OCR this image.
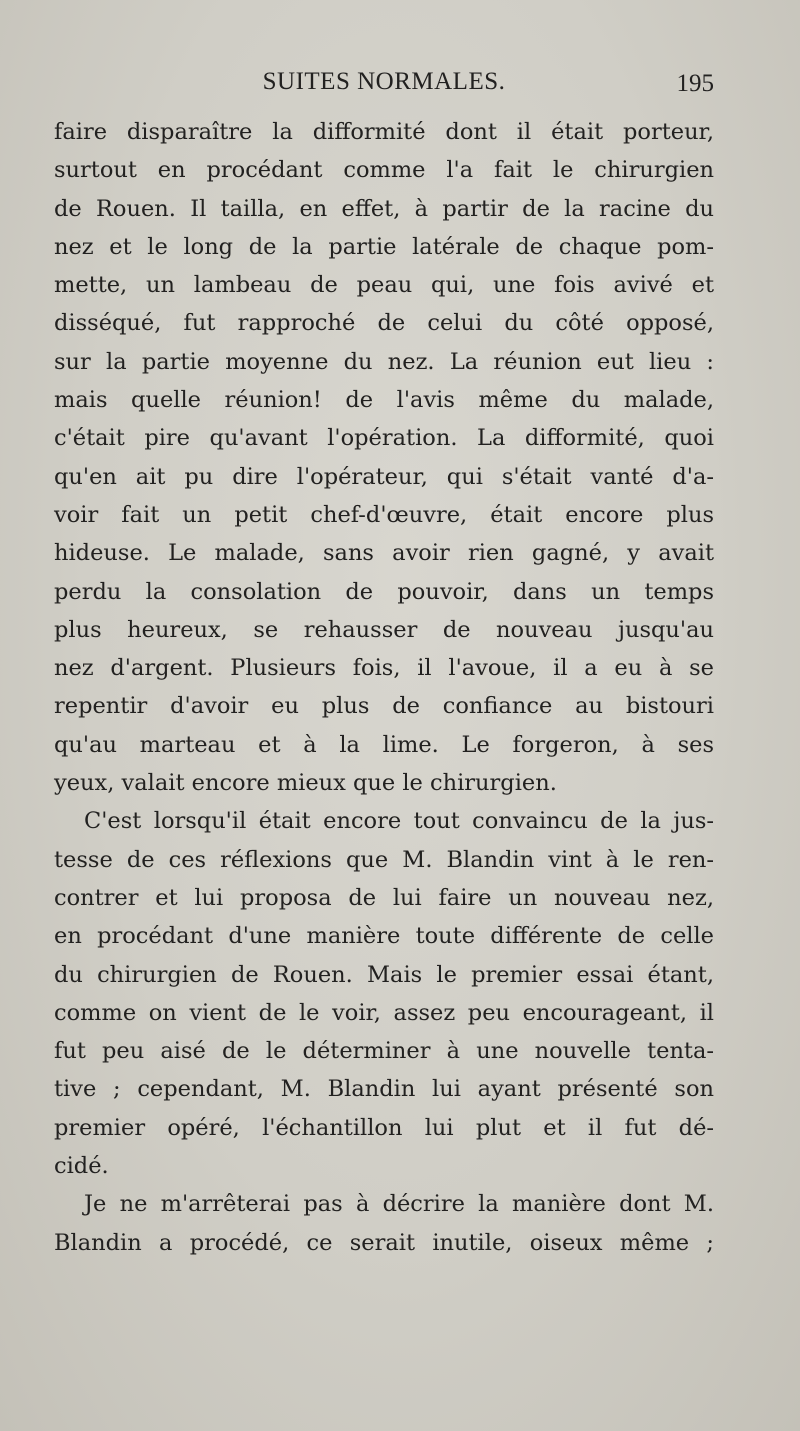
SUITES NORMALES.	195
faire disparaître la difformité dont il était porteur,
surtout en procédant comme l'a fait le chirurgien
de Rouen. Il tailla, en effet, à partir de la racine du
nez et le long de la partie latérale de chaque pom-
mette, un lambeau de peau qui, une fois avivé et
disséqué, fut rapproché de celui du côté opposé,
sur la partie moyenne du nez. La réunion eut lieu :
mais quelle réunion! de l'avis même du malade,
c'était pire qu'avant l'opération. La difformité, quoi
qu'en ait pu dire l'opérateur, qui s'était vanté d'a-
voir fait un petit chef-d'œuvre, était encore plus
hideuse. Le malade, sans avoir rien gagné, y avait
perdu la consolation de pouvoir, dans un temps
plus heureux, se rehausser de nouveau jusqu'au
nez d'argent. Plusieurs fois, il l'avoue, il a eu à se
repentir d'avoir eu plus de confiance au bistouri
qu'au marteau et à la lime. Le forgeron, à ses
yeux, valait encore mieux que le chirurgien.
C'est lorsqu'il était encore tout convaincu de la jus-
tesse de ces réflexions que M. Blandin vint à le ren-
contrer et lui proposa de lui faire un nouveau nez,
en procédant d'une manière toute différente de celle
du chirurgien de Rouen. Mais le premier essai étant,
comme on vient de le voir, assez peu encourageant, il
fut peu aisé de le déterminer à une nouvelle tenta-
tive ; cependant, M. Blandin lui ayant présenté son
premier opéré, l'échantillon lui plut et il fut dé-
cidé.
Je ne m'arrêterai pas à décrire la manière dont M.
Blandin a procédé, ce serait inutile, oiseux même ;
